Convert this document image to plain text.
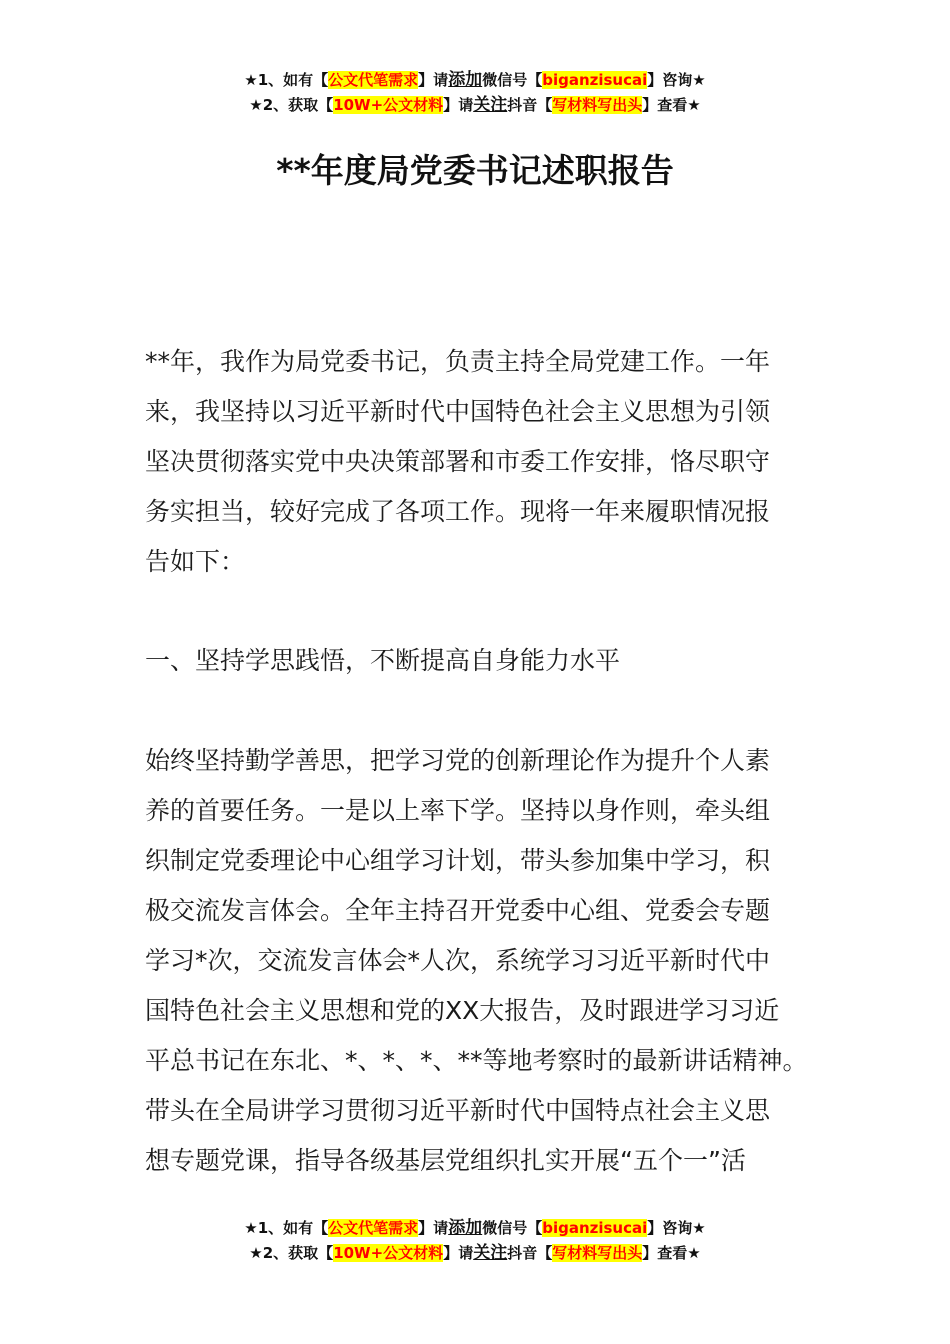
★1、如有【公文代笔需求】请添加微信号【biganzisucai】咨询★
★2、获取【10W+公文材料】请关注抖音【写材料写出头】查看★
**年度局党委书记述职报告
**年，我作为局党委书记，负责主持全局党建工作。一年
来，我坚持以习近平新时代中国特色社会主义思想为引领
坚决贯彻落实党中央决策部署和市委工作安排，恪尽职守
务实担当，较好完成了各项工作。现将一年来履职情况报
告如下：
一、坚持学思践悟，不断提高自身能力水平
始终坚持勤学善思，把学习党的创新理论作为提升个人素
养的首要任务。一是以上率下学。坚持以身作则，牵头组
织制定党委理论中心组学习计划，带头参加集中学习，积
极交流发言体会。全年主持召开党委中心组、党委会专题
学习*次，交流发言体会*人次，系统学习习近平新时代中
国特色社会主义思想和党的XX大报告，及时跟进学习习近
平总书记在东北、*、*、*、**等地考察时的最新讲话精神。
带头在全局讲学习贯彻习近平新时代中国特点社会主义思
想专题党课，指导各级基层党组织扎实开展“五个一”活
★1、如有【公文代笔需求】请添加微信号【biganzisucai】咨询★
★2、获取【10W+公文材料】请关注抖音【写材料写出头】查看★
